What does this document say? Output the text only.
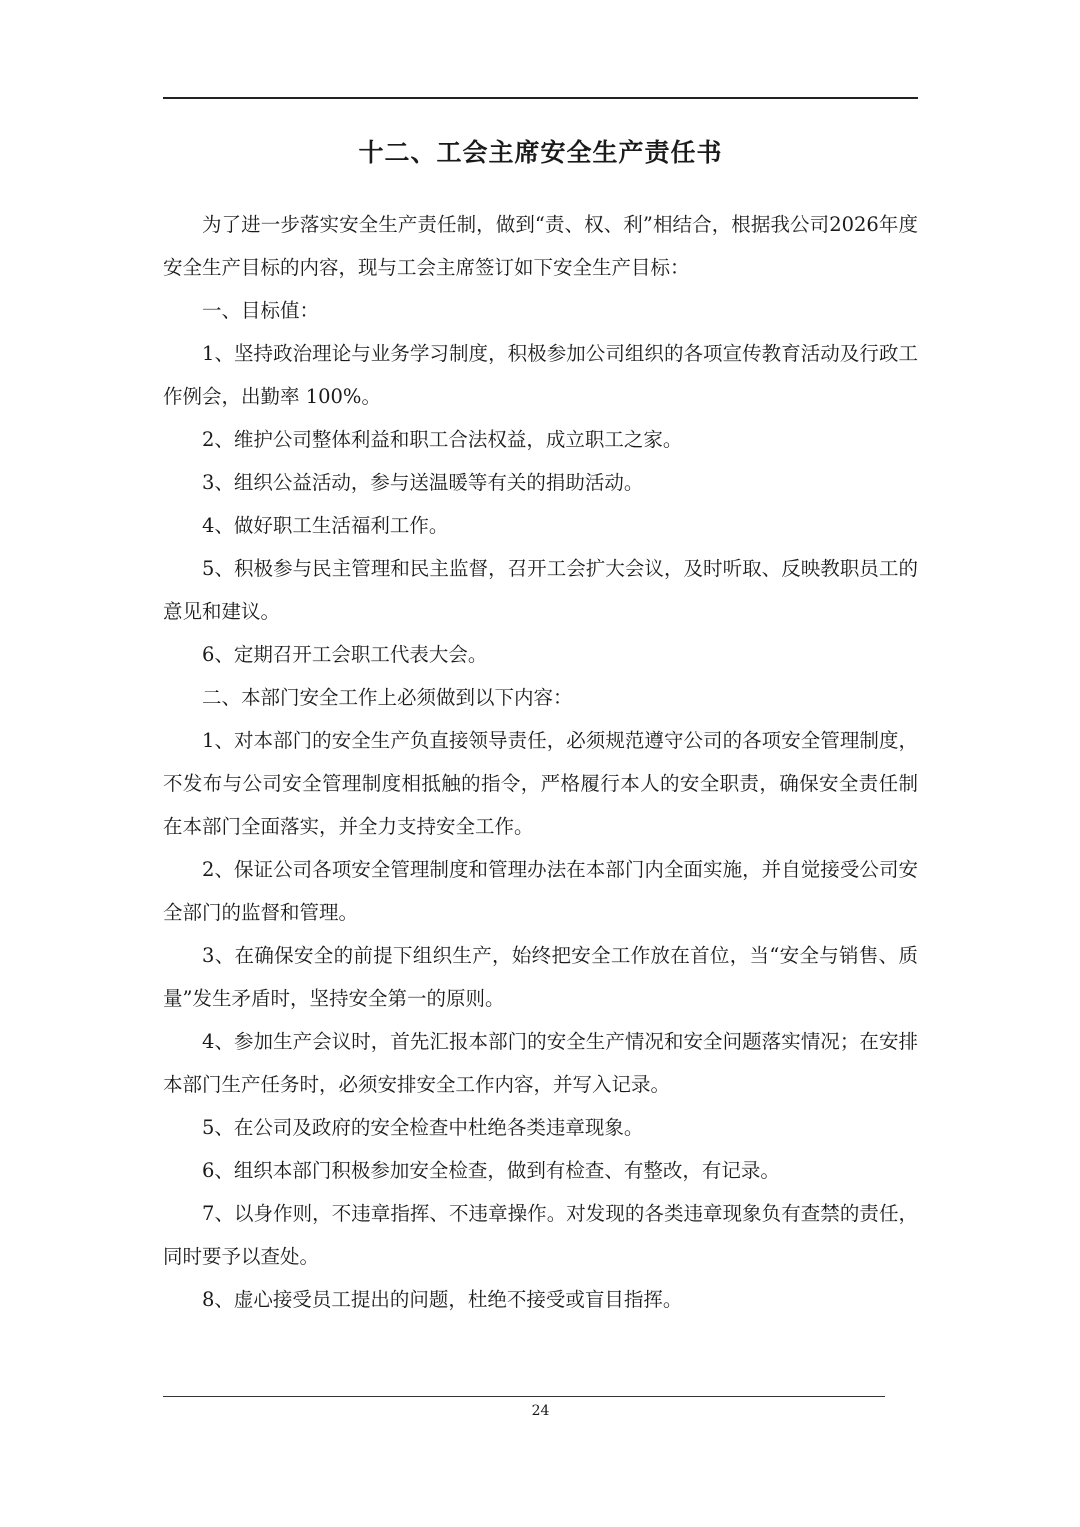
十二、工会主席安全生产责任书

为了进一步落实安全生产责任制，做到“责、权、利”相结合，根据我公司2026年度安全生产目标的内容，现与工会主席签订如下安全生产目标：

一、目标值：

1、坚持政治理论与业务学习制度，积极参加公司组织的各项宣传教育活动及行政工作例会，出勤率 100%。

2、维护公司整体利益和职工合法权益，成立职工之家。

3、组织公益活动，参与送温暖等有关的捐助活动。

4、做好职工生活福利工作。

5、积极参与民主管理和民主监督，召开工会扩大会议，及时听取、反映教职员工的意见和建议。

6、定期召开工会职工代表大会。

二、本部门安全工作上必须做到以下内容：

1、对本部门的安全生产负直接领导责任，必须规范遵守公司的各项安全管理制度，不发布与公司安全管理制度相抵触的指令，严格履行本人的安全职责，确保安全责任制在本部门全面落实，并全力支持安全工作。

2、保证公司各项安全管理制度和管理办法在本部门内全面实施，并自觉接受公司安全部门的监督和管理。

3、在确保安全的前提下组织生产，始终把安全工作放在首位，当“安全与销售、质量”发生矛盾时，坚持安全第一的原则。

4、参加生产会议时，首先汇报本部门的安全生产情况和安全问题落实情况；在安排本部门生产任务时，必须安排安全工作内容，并写入记录。

5、在公司及政府的安全检查中杜绝各类违章现象。

6、组织本部门积极参加安全检查，做到有检查、有整改，有记录。

7、以身作则，不违章指挥、不违章操作。对发现的各类违章现象负有查禁的责任，同时要予以查处。

8、虚心接受员工提出的问题，杜绝不接受或盲目指挥。

24
